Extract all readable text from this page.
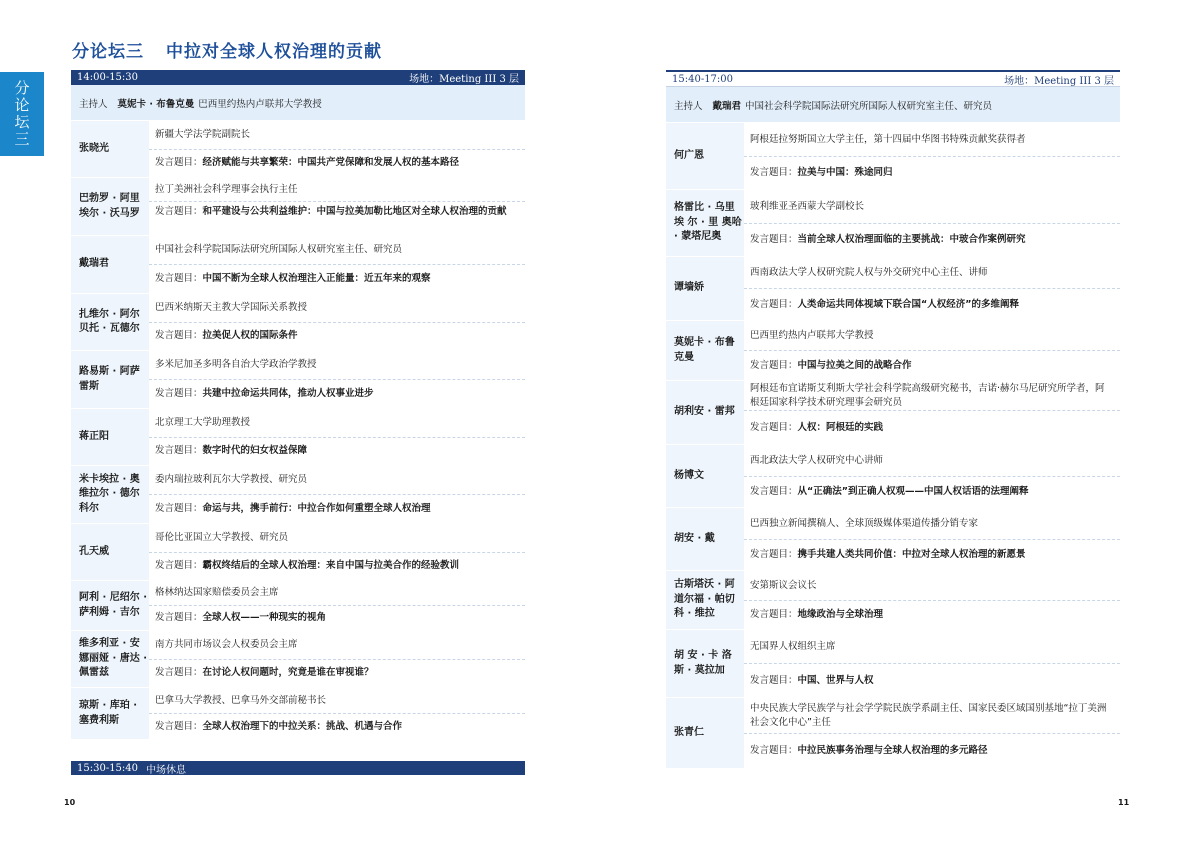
分论坛三 中拉对全球人权治理的贡献
分论坛三
14:00-15:30	场地：Meeting III 3 层
主持人 莫妮卡 · 布鲁克曼 巴西里约热内卢联邦大学教授
张晓光
新疆大学法学院副院长
发言题目： 经济赋能与共享繁荣：中国共产党保障和发展人权的基本路径
巴勃罗 · 阿里埃尔 · 沃马罗
拉丁美洲社会科学理事会执行主任
发言题目：和平建设与公共利益维护：中国与拉美加勒比地区对全球人权治理的贡献
戴瑞君
中国社会科学院国际法研究所国际人权研究室主任、研究员
发言题目： 中国不断为全球人权治理注入正能量：近五年来的观察
扎维尔 · 阿尔贝托 · 瓦德尔
巴西米纳斯天主教大学国际关系教授
发言题目： 拉美促人权的国际条件
路易斯 · 阿萨雷斯
多米尼加圣多明各自治大学政治学教授
发言题目： 共建中拉命运共同体，推动人权事业进步
蒋正阳
北京理工大学助理教授
发言题目： 数字时代的妇女权益保障
米卡埃拉 · 奥维拉尔 · 德尔科尔
委内瑞拉玻利瓦尔大学教授、研究员
发言题目： 命运与共，携手前行：中拉合作如何重塑全球人权治理
孔天威
哥伦比亚国立大学教授、研究员
发言题目： 霸权终结后的全球人权治理：来自中国与拉美合作的经验教训
阿利 · 尼绍尔 · 萨利姆 · 吉尔
格林纳达国家赔偿委员会主席
发言题目： 全球人权——一种现实的视角
维多利亚 · 安娜丽娅 · 唐达 · 佩雷兹
南方共同市场议会人权委员会主席
发言题目： 在讨论人权问题时，究竟是谁在审视谁？
琼斯 · 库珀 · 塞费利斯
巴拿马大学教授、巴拿马外交部前秘书长
发言题目： 全球人权治理下的中拉关系：挑战、机遇与合作
15:30-15:40 中场休息
15:40-17:00	场地：Meeting III 3 层
主持人 戴瑞君 中国社会科学院国际法研究所国际人权研究室主任、研究员
何广恩
阿根廷拉努斯国立大学主任，第十四届中华图书特殊贡献奖获得者
发言题目： 拉美与中国：殊途同归
格雷比 · 乌里埃 尔 · 里 奥哈 · 蒙塔尼奥
玻利维亚圣西蒙大学副校长
发言题目： 当前全球人权治理面临的主要挑战：中玻合作案例研究
谭墙娇
西南政法大学人权研究院人权与外交研究中心主任、讲师
发言题目： 人类命运共同体视域下联合国“人权经济”的多维阐释
莫妮卡 · 布鲁克曼
巴西里约热内卢联邦大学教授
发言题目： 中国与拉美之间的战略合作
胡利安 · 雷邦
阿根廷布宜诺斯艾利斯大学社会科学院高级研究秘书，吉诺·赫尔马尼研究所学者，阿根廷国家科学技术研究理事会研究员
发言题目： 人权：阿根廷的实践
杨博文
西北政法大学人权研究中心讲师
发言题目： 从“正确法”到正确人权观——中国人权话语的法理阐释
胡安 · 戴
巴西独立新闻撰稿人、全球顶级媒体渠道传播分销专家
发言题目： 携手共建人类共同价值：中拉对全球人权治理的新愿景
古斯塔沃 · 阿道尔福 · 帕切科 · 维拉
安第斯议会议长
发言题目： 地缘政治与全球治理
胡 安 · 卡 洛 斯 · 莫拉加
无国界人权组织主席
发言题目： 中国、世界与人权
张青仁
中央民族大学民族学与社会学学院民族学系副主任、国家民委区域国别基地“拉丁美洲社会文化中心”主任
发言题目： 中拉民族事务治理与全球人权治理的多元路径
10	11
